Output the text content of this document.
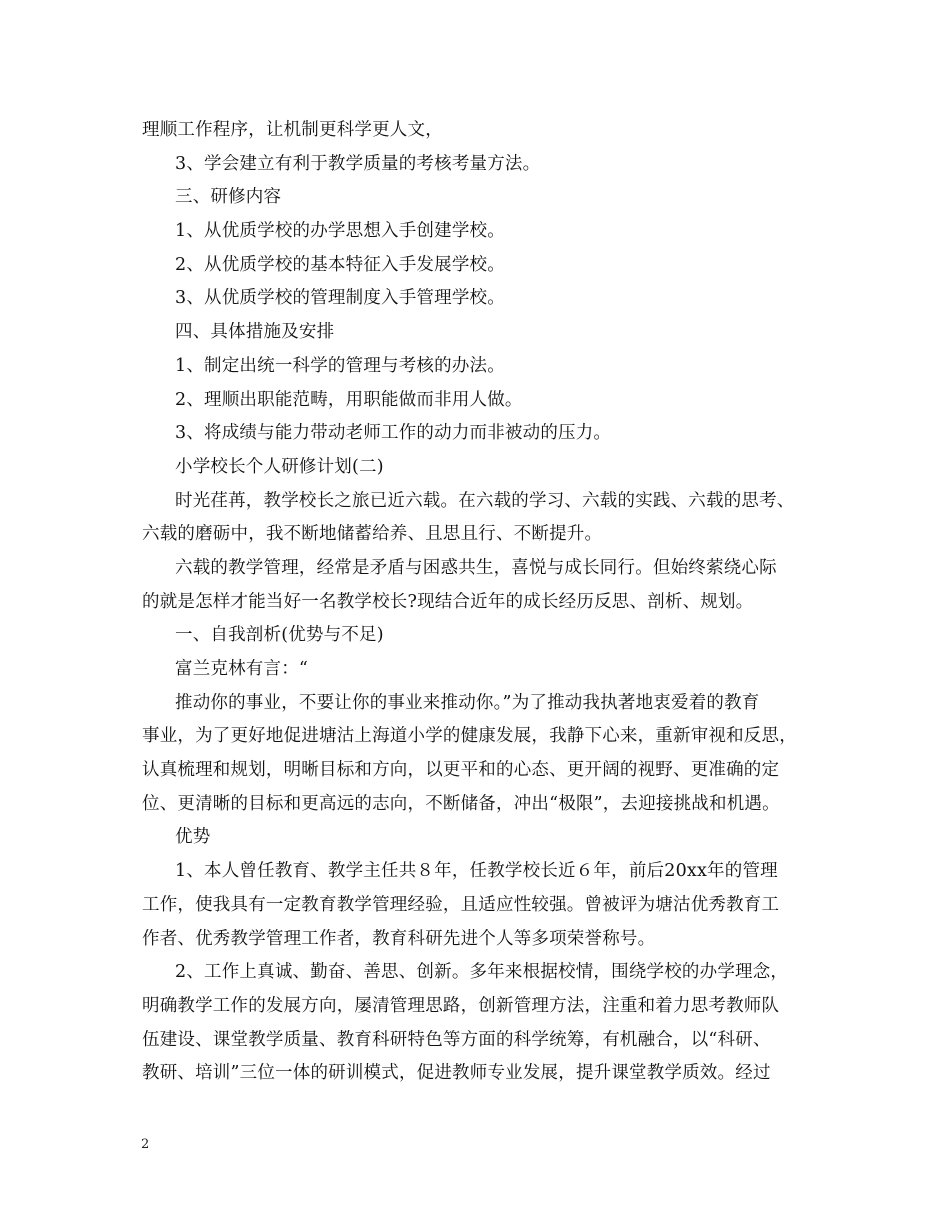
理顺工作程序，让机制更科学更人文，
3、学会建立有利于教学质量的考核考量方法。
三、研修内容
1、从优质学校的办学思想入手创建学校。
2、从优质学校的基本特征入手发展学校。
3、从优质学校的管理制度入手管理学校。
四、具体措施及安排
1、制定出统一科学的管理与考核的办法。
2、理顺出职能范畴，用职能做而非用人做。
3、将成绩与能力带动老师工作的动力而非被动的压力。
小学校长个人研修计划(二)
时光荏苒，教学校长之旅已近六载。在六载的学习、六载的实践、六载的思考、
六载的磨砺中，我不断地储蓄给养、且思且行、不断提升。
六载的教学管理，经常是矛盾与困惑共生，喜悦与成长同行。但始终萦绕心际
的就是怎样才能当好一名教学校长?现结合近年的成长经历反思、剖析、规划。
一、自我剖析(优势与不足)
富兰克林有言：“
推动你的事业，不要让你的事业来推动你。”为了推动我执著地衷爱着的教育
事业，为了更好地促进塘沽上海道小学的健康发展，我静下心来，重新审视和反思，
认真梳理和规划，明晰目标和方向，以更平和的心态、更开阔的视野、更准确的定
位、更清晰的目标和更高远的志向，不断储备，冲出“极限”，去迎接挑战和机遇。
优势
1、本人曾任教育、教学主任共８年，任教学校长近６年，前后20xx年的管理
工作，使我具有一定教育教学管理经验，且适应性较强。曾被评为塘沽优秀教育工
作者、优秀教学管理工作者，教育科研先进个人等多项荣誉称号。
2、工作上真诚、勤奋、善思、创新。多年来根据校情，围绕学校的办学理念，
明确教学工作的发展方向，屡清管理思路，创新管理方法，注重和着力思考教师队
伍建设、课堂教学质量、教育科研特色等方面的科学统筹，有机融合，以“科研、
教研、培训”三位一体的研训模式，促进教师专业发展，提升课堂教学质效。经过
2
